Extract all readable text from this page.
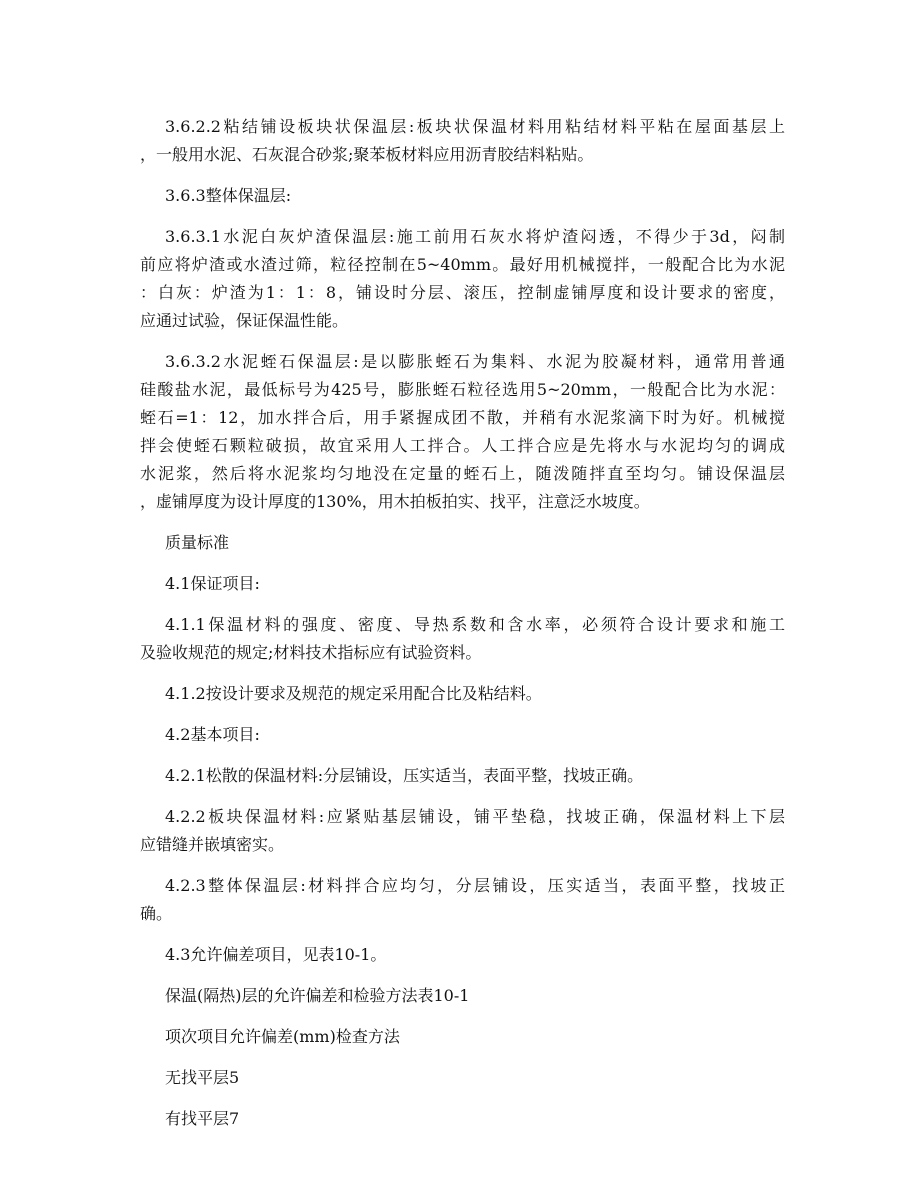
3.6.2.2粘结铺设板块状保温层:板块状保温材料用粘结材料平粘在屋面基层上
，一般用水泥、石灰混合砂浆;聚苯板材料应用沥青胶结料粘贴。
3.6.3整体保温层:
3.6.3.1水泥白灰炉渣保温层:施工前用石灰水将炉渣闷透，不得少于3d，闷制
前应将炉渣或水渣过筛，粒径控制在5~40mm。最好用机械搅拌，一般配合比为水泥
：白灰：炉渣为1：1：8，铺设时分层、滚压，控制虚铺厚度和设计要求的密度，
应通过试验，保证保温性能。
3.6.3.2水泥蛭石保温层:是以膨胀蛭石为集料、水泥为胶凝材料，通常用普通
硅酸盐水泥，最低标号为425号，膨胀蛭石粒径选用5~20mm，一般配合比为水泥：
蛭石=1：12，加水拌合后，用手紧握成团不散，并稍有水泥浆滴下时为好。机械搅
拌会使蛭石颗粒破损，故宜采用人工拌合。人工拌合应是先将水与水泥均匀的调成
水泥浆，然后将水泥浆均匀地没在定量的蛭石上，随泼随拌直至均匀。铺设保温层
，虚铺厚度为设计厚度的130%，用木拍板拍实、找平，注意泛水坡度。
质量标准
4.1保证项目:
4.1.1保温材料的强度、密度、导热系数和含水率，必须符合设计要求和施工
及验收规范的规定;材料技术指标应有试验资料。
4.1.2按设计要求及规范的规定采用配合比及粘结料。
4.2基本项目:
4.2.1松散的保温材料:分层铺设，压实适当，表面平整，找坡正确。
4.2.2板块保温材料:应紧贴基层铺设，铺平垫稳，找坡正确，保温材料上下层
应错缝并嵌填密实。
4.2.3整体保温层:材料拌合应均匀，分层铺设，压实适当，表面平整，找坡正
确。
4.3允许偏差项目，见表10-1。
保温(隔热)层的允许偏差和检验方法表10-1
项次项目允许偏差(mm)检查方法
无找平层5
有找平层7
